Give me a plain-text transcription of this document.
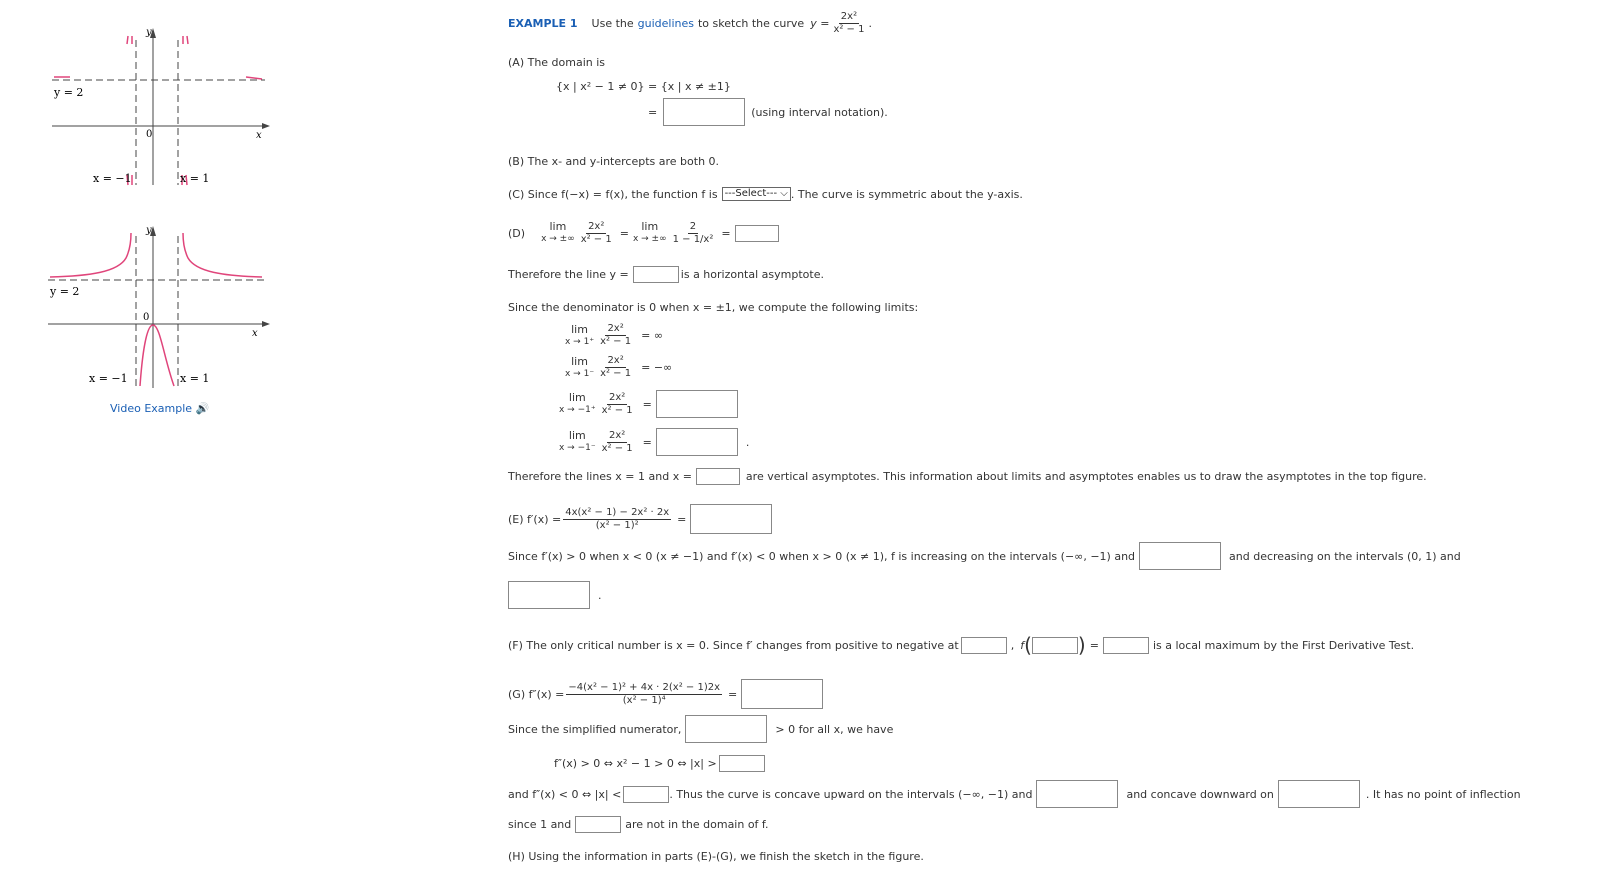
y
x
0
y = 2
x = −1	x = 1
y
x
0
y = 2
x = −1	x = 1
Video Example 🔊
EXAMPLE 1 Use the guidelines to sketch the curve $y = \frac{\text{2x²}}{\text{x² − 1}}$ .
(A) The domain is
{x | x² − 1 ≠ 0} = {x | x ≠ ±1}
=	(using interval notation).
(B) The x- and y-intercepts are both 0.
(C) Since f(−x) = f(x), the function f is ---Select--- ⌵ . The curve is symmetric about the y-axis.
(D) lim
x → ±∞ $\frac{\text{2x²}}{\text{x² − 1}} = \lim$
x → ±∞ $\frac{2}{\text{1 − 1/x²}}$ =
Therefore the line y =	is a horizontal asymptote.
Since the denominator is 0 when x = ±1, we compute the following limits:
lim
$x \to 1^+ \frac{\text{2x²}}{\text{x² − 1}}$ = ∞
lim
$x \to 1^- \frac{\text{2x²}}{\text{x² − 1}}$ = −∞
lim
$x \to -1^+ \frac{\text{2x²}}{\text{x² − 1}}$ =
lim
$x \to -1^- \frac{\text{2x²}}{\text{x² − 1}}$ =	.
Therefore the lines x = 1 and x =	are vertical asymptotes. This information about limits and asymptotes enables us to draw the asymptotes in the top figure.
(E) $f'(x) = \frac{\text{4x(x² − 1) − 2x² · 2x}}{\text{(x² − 1)²}}$ =
Since f′(x) > 0 when x < 0 (x ≠ −1) and f′(x) < 0 when x > 0 (x ≠ 1), f is increasing on the intervals (−∞, −1) and	and decreasing on the intervals (0, 1) and
.
(F) The only critical number is x = 0. Since f′ changes from positive to negative at	, f ( ) =	is a local maximum by the First Derivative Test.
(G) $f''(x) = \frac{\text{−4(x² − 1)² + 4x · 2(x² − 1)2x}}{\text{(x² − 1)⁴}}$ =
Since the simplified numerator,	> 0 for all x, we have
f″(x) > 0 ⇔ x² − 1 > 0 ⇔ |x| >
and f″(x) < 0 ⇔ |x| <	. Thus the curve is concave upward on the intervals (−∞, −1) and	and concave downward on	. It has no point of inflection
since 1 and	are not in the domain of f.
(H) Using the information in parts (E)-(G), we finish the sketch in the figure.
